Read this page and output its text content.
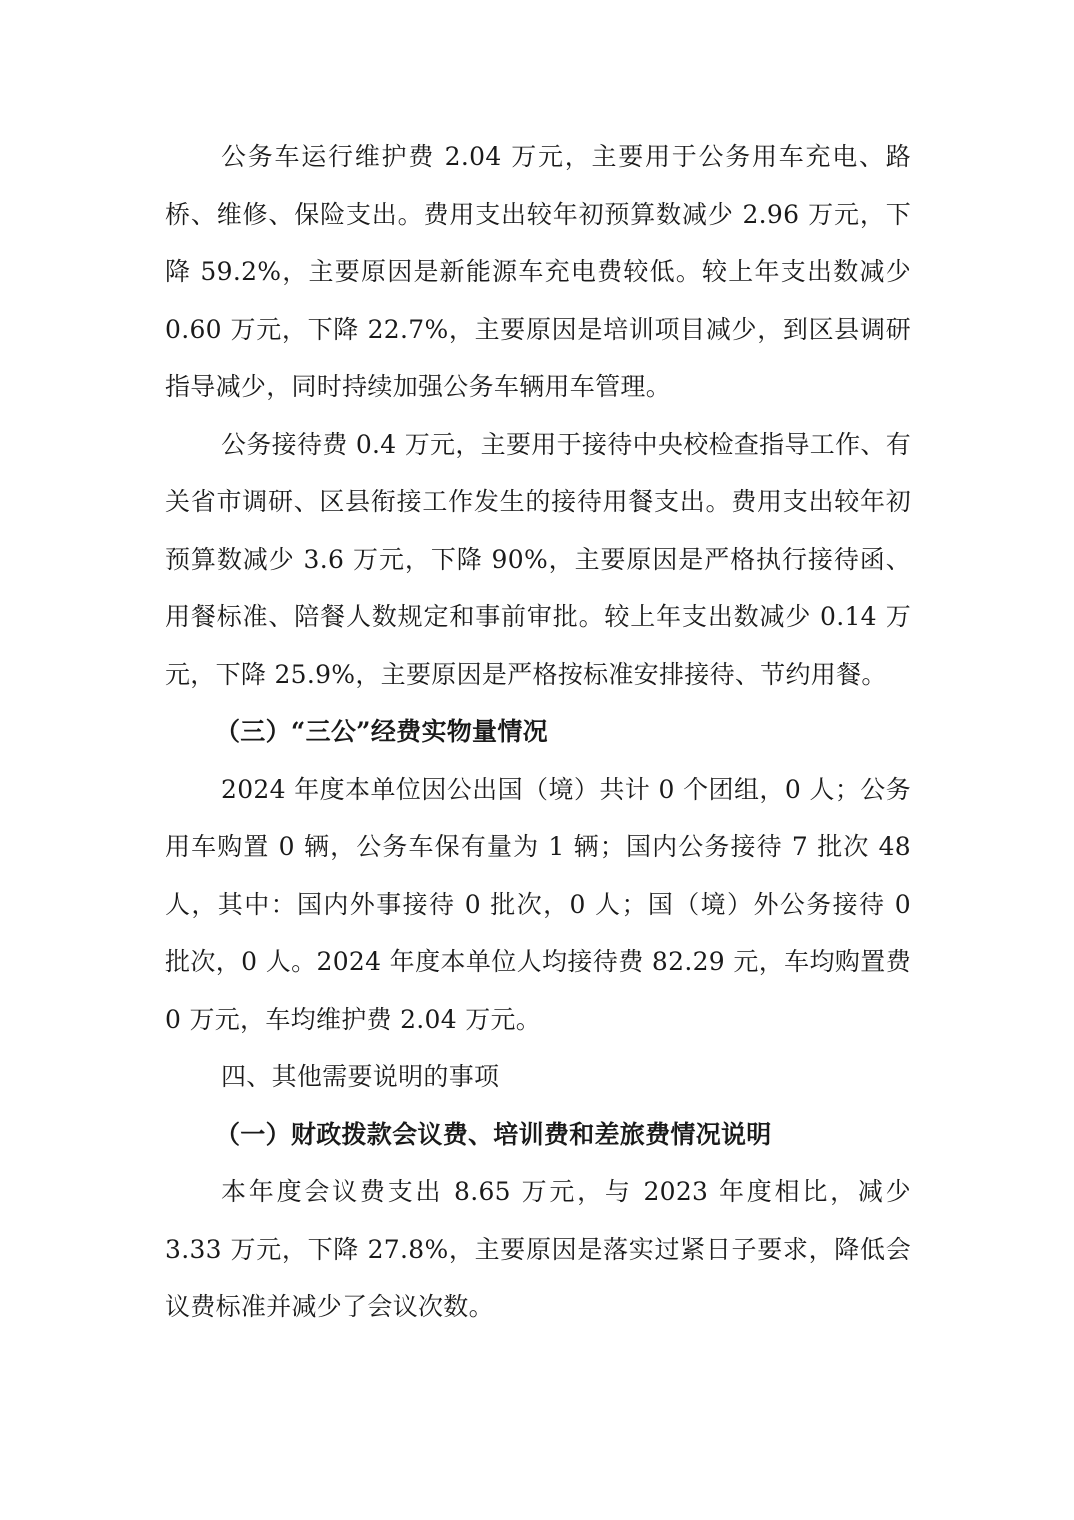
公务车运行维护费 2.04 万元，主要用于公务用车充电、路桥、维修、保险支出。费用支出较年初预算数减少 2.96 万元，下降 59.2%，主要原因是新能源车充电费较低。较上年支出数减少 0.60 万元，下降 22.7%，主要原因是培训项目减少，到区县调研指导减少，同时持续加强公务车辆用车管理。

公务接待费 0.4 万元，主要用于接待中央校检查指导工作、有关省市调研、区县衔接工作发生的接待用餐支出。费用支出较年初预算数减少 3.6 万元，下降 90%，主要原因是严格执行接待函、用餐标准、陪餐人数规定和事前审批。较上年支出数减少 0.14 万元，下降 25.9%，主要原因是严格按标准安排接待、节约用餐。

（三）“三公”经费实物量情况

2024 年度本单位因公出国（境）共计 0 个团组，0 人；公务用车购置 0 辆，公务车保有量为 1 辆；国内公务接待 7 批次 48 人，其中：国内外事接待 0 批次，0 人；国（境）外公务接待 0 批次，0 人。2024 年度本单位人均接待费 82.29 元，车均购置费 0 万元，车均维护费 2.04 万元。

四、其他需要说明的事项

（一）财政拨款会议费、培训费和差旅费情况说明

本年度会议费支出 8.65 万元，与 2023 年度相比，减少 3.33 万元，下降 27.8%，主要原因是落实过紧日子要求，降低会议费标准并减少了会议次数。
